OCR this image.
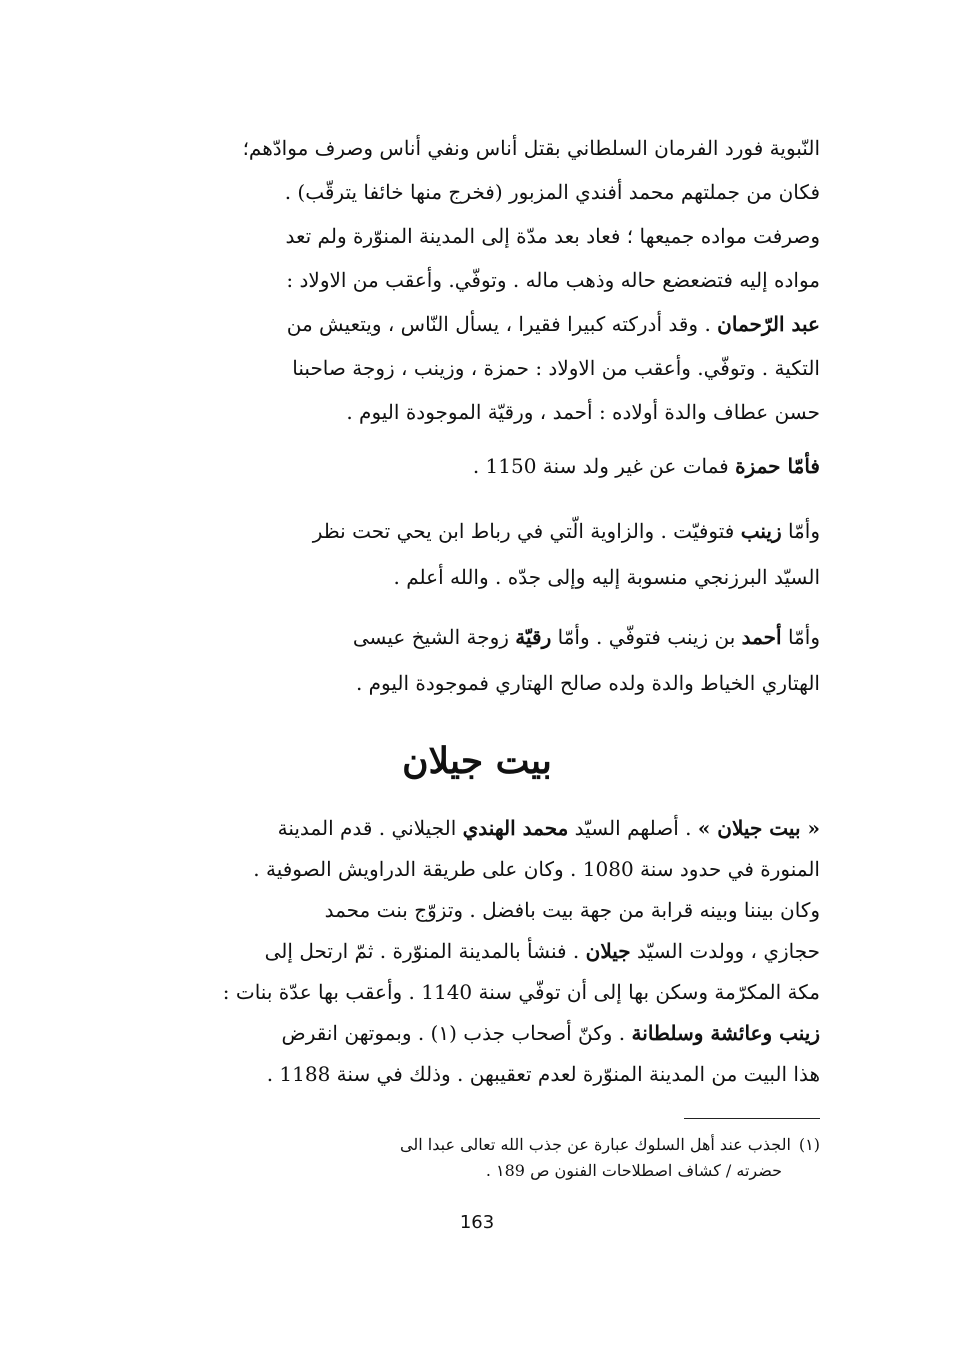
النّبوية فورد الفرمان السلطاني بقتل أناس ونفي أناس وصرف موادّهم؛
فكان من جملتهم محمد أفندي المزبور (فخرج منها خائفا يترقّب) .
وصرفت مواده جميعها ؛ فعاد بعد مدّة إلى المدينة المنوّرة ولم تعد
مواده إليه فتضعضع حاله وذهب ماله . وتوفّي. وأعقب من الاولاد :
عبد الرّحمان . وقد أدركته كبيرا فقيرا ، يسأل النّاس ، ويتعيش من
التكية . وتوفّي. وأعقب من الاولاد : حمزة ، وزينب ، زوجة صاحبنا
حسن عطاف والدة أولاده : أحمد ، ورقيّة الموجودة اليوم .
فأمّا حمزة فمات عن غير ولد سنة 1150 .
وأمّا زينب فتوفيّت . والزاوية الّتي في رباط ابن يحي تحت نظر
السيّد البرزنجي منسوبة إليه وإلى جدّه . والله أعلم .
وأمّا أحمد بن زينب فتوفّي . وأمّا رقيّة زوجة الشيخ عيسى
الهتاري الخياط والدة ولده صالح الهتاري فموجودة اليوم .
بيت جيلان
« بيت جيلان » . أصلهم السيّد محمد الهندي الجيلاني . قدم المدينة
المنورة في حدود سنة 1080 . وكان على طريقة الدراويش الصوفية .
وكان بيننا وبينه قرابة من جهة بيت بافضل . وتزوّج بنت محمد
حجازي ، وولدت السيّد جيلان . فنشأ بالمدينة المنوّرة . ثمّ ارتحل إلى
مكة المكرّمة وسكن بها إلى أن توفّي سنة 1140 . وأعقب بها عدّة بنات :
زينب وعائشة وسلطانة . وكنّ أصحاب جذب (١) . وبموتهن انقرض
هذا البيت من المدينة المنوّرة لعدم تعقيبهن . وذلك في سنة 1188 .
(١)الجذب عند أهل السلوك عبارة عن جذب الله تعالى عبدا الى
حضرته / كشاف اصطلاحات الفنون ص ١89 .
163
